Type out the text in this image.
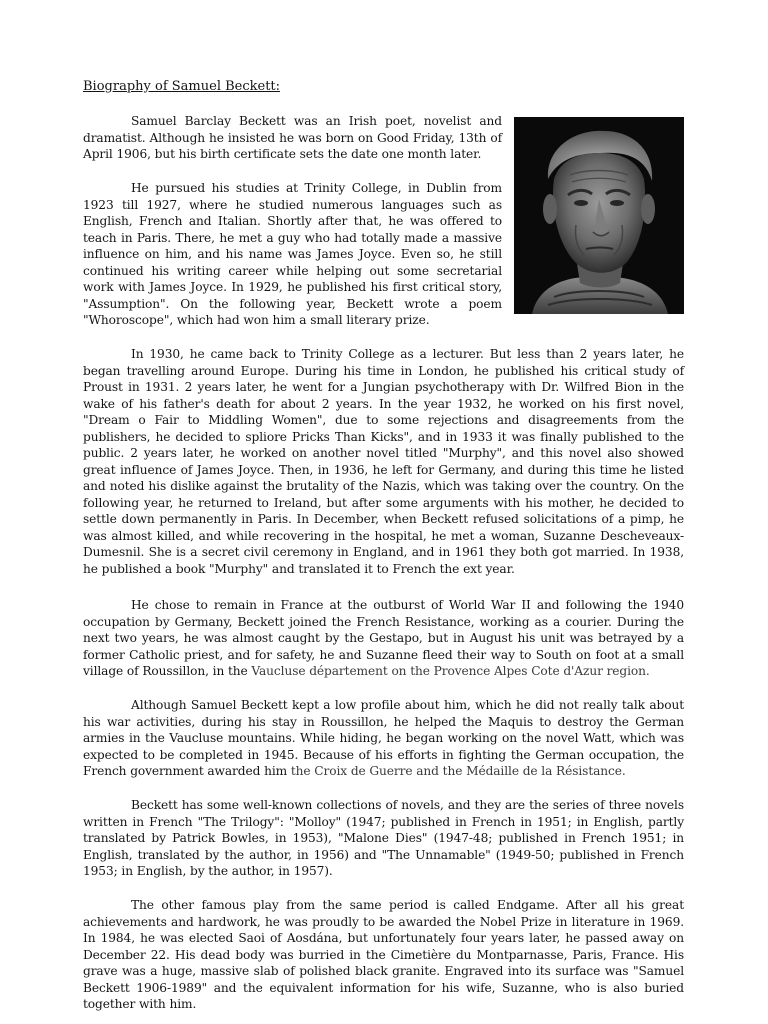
Biography of Samuel Beckett:

Samuel Barclay Beckett was an Irish poet, novelist and dramatist. Although he insisted he was born on Good Friday, 13th of April 1906, but his birth certificate sets the date one month later.

He pursued his studies at Trinity College, in Dublin from 1923 till 1927, where he studied numerous languages such as English, French and Italian. Shortly after that, he was offered to teach in Paris. There, he met a guy who had totally made a massive influence on him, and his name was James Joyce. Even so, he still continued his writing career while helping out some secretarial work with James Joyce. In 1929, he published his first critical story, "Assumption". On the following year, Beckett wrote a poem "Whoroscope", which had won him a small literary prize.

In 1930, he came back to Trinity College as a lecturer. But less than 2 years later, he began travelling around Europe. During his time in London, he published his critical study of Proust in 1931. 2 years later, he went for a Jungian psychotherapy with Dr. Wilfred Bion in the wake of his father's death for about 2 years. In the year 1932, he worked on his first novel, "Dream o Fair to Middling Women", due to some rejections and disagreements from the publishers, he decided to spliore Pricks Than Kicks", and in 1933 it was finally published to the public. 2 years later, he worked on another novel titled "Murphy", and this novel also showed great influence of James Joyce. Then, in 1936, he left for Germany, and during this time he listed and noted his dislike against the brutality of the Nazis, which was taking over the country. On the following year, he returned to Ireland, but after some arguments with his mother, he decided to settle down permanently in Paris. In December, when Beckett refused solicitations of a pimp, he was almost killed, and while recovering in the hospital, he met a woman, Suzanne Descheveaux-Dumesnil. She is a secret civil ceremony in England, and in 1961 they both got married. In 1938, he published a book "Murphy" and translated it to French the ext year.

He chose to remain in France at the outburst of World War II and following the 1940 occupation by Germany, Beckett joined the French Resistance, working as a courier. During the next two years, he was almost caught by the Gestapo, but in August his unit was betrayed by a former Catholic priest, and for safety, he and Suzanne fleed their way to South on foot at a small village of Roussillon, in the Vaucluse département on the Provence Alpes Cote d'Azur region.

Although Samuel Beckett kept a low profile about him, which he did not really talk about his war activities, during his stay in Roussillon, he helped the Maquis to destroy the German armies in the Vaucluse mountains. While hiding, he began working on the novel Watt, which was expected to be completed in 1945. Because of his efforts in fighting the German occupation, the French government awarded him the Croix de Guerre and the Médaille de la Résistance.

Beckett has some well-known collections of novels, and they are the series of three novels written in French "The Trilogy": "Molloy" (1947; published in French in 1951; in English, partly translated by Patrick Bowles, in 1953), "Malone Dies" (1947-48; published in French 1951; in English, translated by the author, in 1956) and "The Unnamable" (1949-50; published in French 1953; in English, by the author, in 1957).

The other famous play from the same period is called Endgame. After all his great achievements and hardwork, he was proudly to be awarded the Nobel Prize in literature in 1969. In 1984, he was elected Saoi of Aosdána, but unfortunately four years later, he passed away on December 22. His dead body was burried in the Cimetière du Montparnasse, Paris, France. His grave was a huge, massive slab of polished black granite. Engraved into its surface was "Samuel Beckett 1906-1989" and the equivalent information for his wife, Suzanne, who is also buried together with him.
